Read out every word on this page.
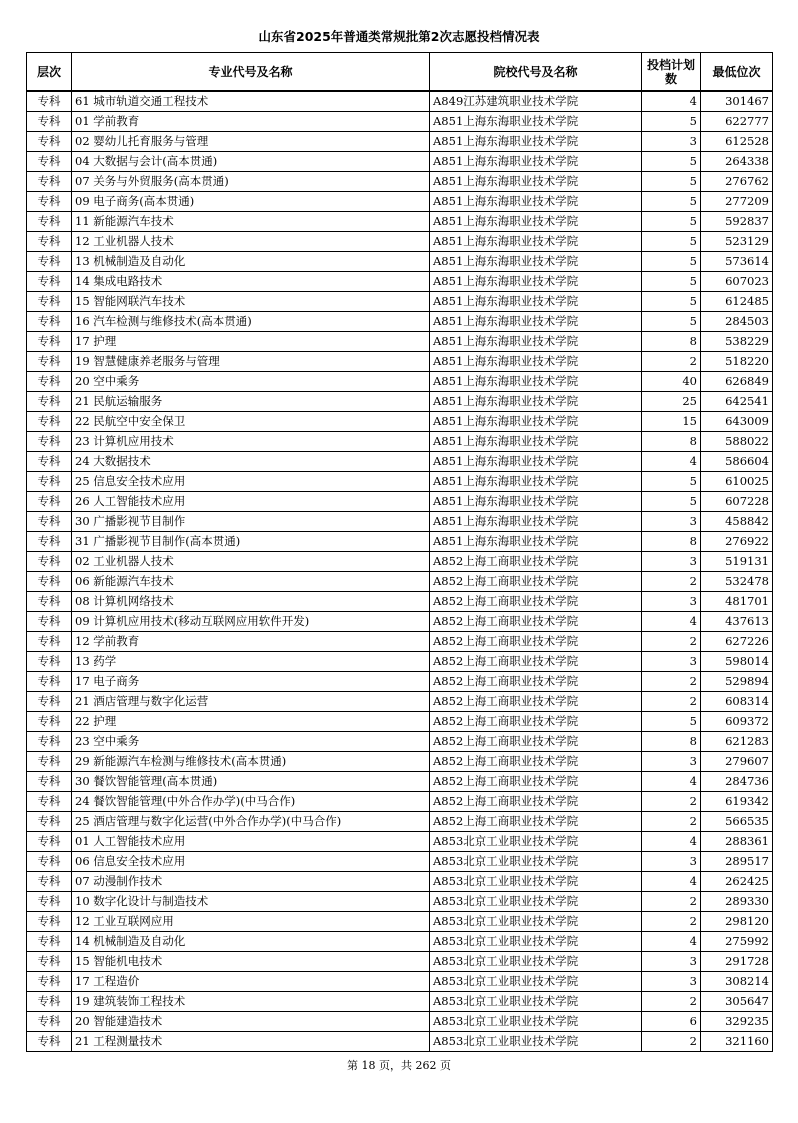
山东省2025年普通类常规批第2次志愿投档情况表
层次	专业代号及名称	院校代号及名称	投档计划数	最低位次
专科	61 城市轨道交通工程技术	A849江苏建筑职业技术学院	4	301467
专科	01 学前教育	A851上海东海职业技术学院	5	622777
专科	02 婴幼儿托育服务与管理	A851上海东海职业技术学院	3	612528
专科	04 大数据与会计(高本贯通)	A851上海东海职业技术学院	5	264338
专科	07 关务与外贸服务(高本贯通)	A851上海东海职业技术学院	5	276762
专科	09 电子商务(高本贯通)	A851上海东海职业技术学院	5	277209
专科	11 新能源汽车技术	A851上海东海职业技术学院	5	592837
专科	12 工业机器人技术	A851上海东海职业技术学院	5	523129
专科	13 机械制造及自动化	A851上海东海职业技术学院	5	573614
专科	14 集成电路技术	A851上海东海职业技术学院	5	607023
专科	15 智能网联汽车技术	A851上海东海职业技术学院	5	612485
专科	16 汽车检测与维修技术(高本贯通)	A851上海东海职业技术学院	5	284503
专科	17 护理	A851上海东海职业技术学院	8	538229
专科	19 智慧健康养老服务与管理	A851上海东海职业技术学院	2	518220
专科	20 空中乘务	A851上海东海职业技术学院	40	626849
专科	21 民航运输服务	A851上海东海职业技术学院	25	642541
专科	22 民航空中安全保卫	A851上海东海职业技术学院	15	643009
专科	23 计算机应用技术	A851上海东海职业技术学院	8	588022
专科	24 大数据技术	A851上海东海职业技术学院	4	586604
专科	25 信息安全技术应用	A851上海东海职业技术学院	5	610025
专科	26 人工智能技术应用	A851上海东海职业技术学院	5	607228
专科	30 广播影视节目制作	A851上海东海职业技术学院	3	458842
专科	31 广播影视节目制作(高本贯通)	A851上海东海职业技术学院	8	276922
专科	02 工业机器人技术	A852上海工商职业技术学院	3	519131
专科	06 新能源汽车技术	A852上海工商职业技术学院	2	532478
专科	08 计算机网络技术	A852上海工商职业技术学院	3	481701
专科	09 计算机应用技术(移动互联网应用软件开发)	A852上海工商职业技术学院	4	437613
专科	12 学前教育	A852上海工商职业技术学院	2	627226
专科	13 药学	A852上海工商职业技术学院	3	598014
专科	17 电子商务	A852上海工商职业技术学院	2	529894
专科	21 酒店管理与数字化运营	A852上海工商职业技术学院	2	608314
专科	22 护理	A852上海工商职业技术学院	5	609372
专科	23 空中乘务	A852上海工商职业技术学院	8	621283
专科	29 新能源汽车检测与维修技术(高本贯通)	A852上海工商职业技术学院	3	279607
专科	30 餐饮智能管理(高本贯通)	A852上海工商职业技术学院	4	284736
专科	24 餐饮智能管理(中外合作办学)(中马合作)	A852上海工商职业技术学院	2	619342
专科	25 酒店管理与数字化运营(中外合作办学)(中马合作)	A852上海工商职业技术学院	2	566535
专科	01 人工智能技术应用	A853北京工业职业技术学院	4	288361
专科	06 信息安全技术应用	A853北京工业职业技术学院	3	289517
专科	07 动漫制作技术	A853北京工业职业技术学院	4	262425
专科	10 数字化设计与制造技术	A853北京工业职业技术学院	2	289330
专科	12 工业互联网应用	A853北京工业职业技术学院	2	298120
专科	14 机械制造及自动化	A853北京工业职业技术学院	4	275992
专科	15 智能机电技术	A853北京工业职业技术学院	3	291728
专科	17 工程造价	A853北京工业职业技术学院	3	308214
专科	19 建筑装饰工程技术	A853北京工业职业技术学院	2	305647
专科	20 智能建造技术	A853北京工业职业技术学院	6	329235
专科	21 工程测量技术	A853北京工业职业技术学院	2	321160
第 18 页，共 262 页
